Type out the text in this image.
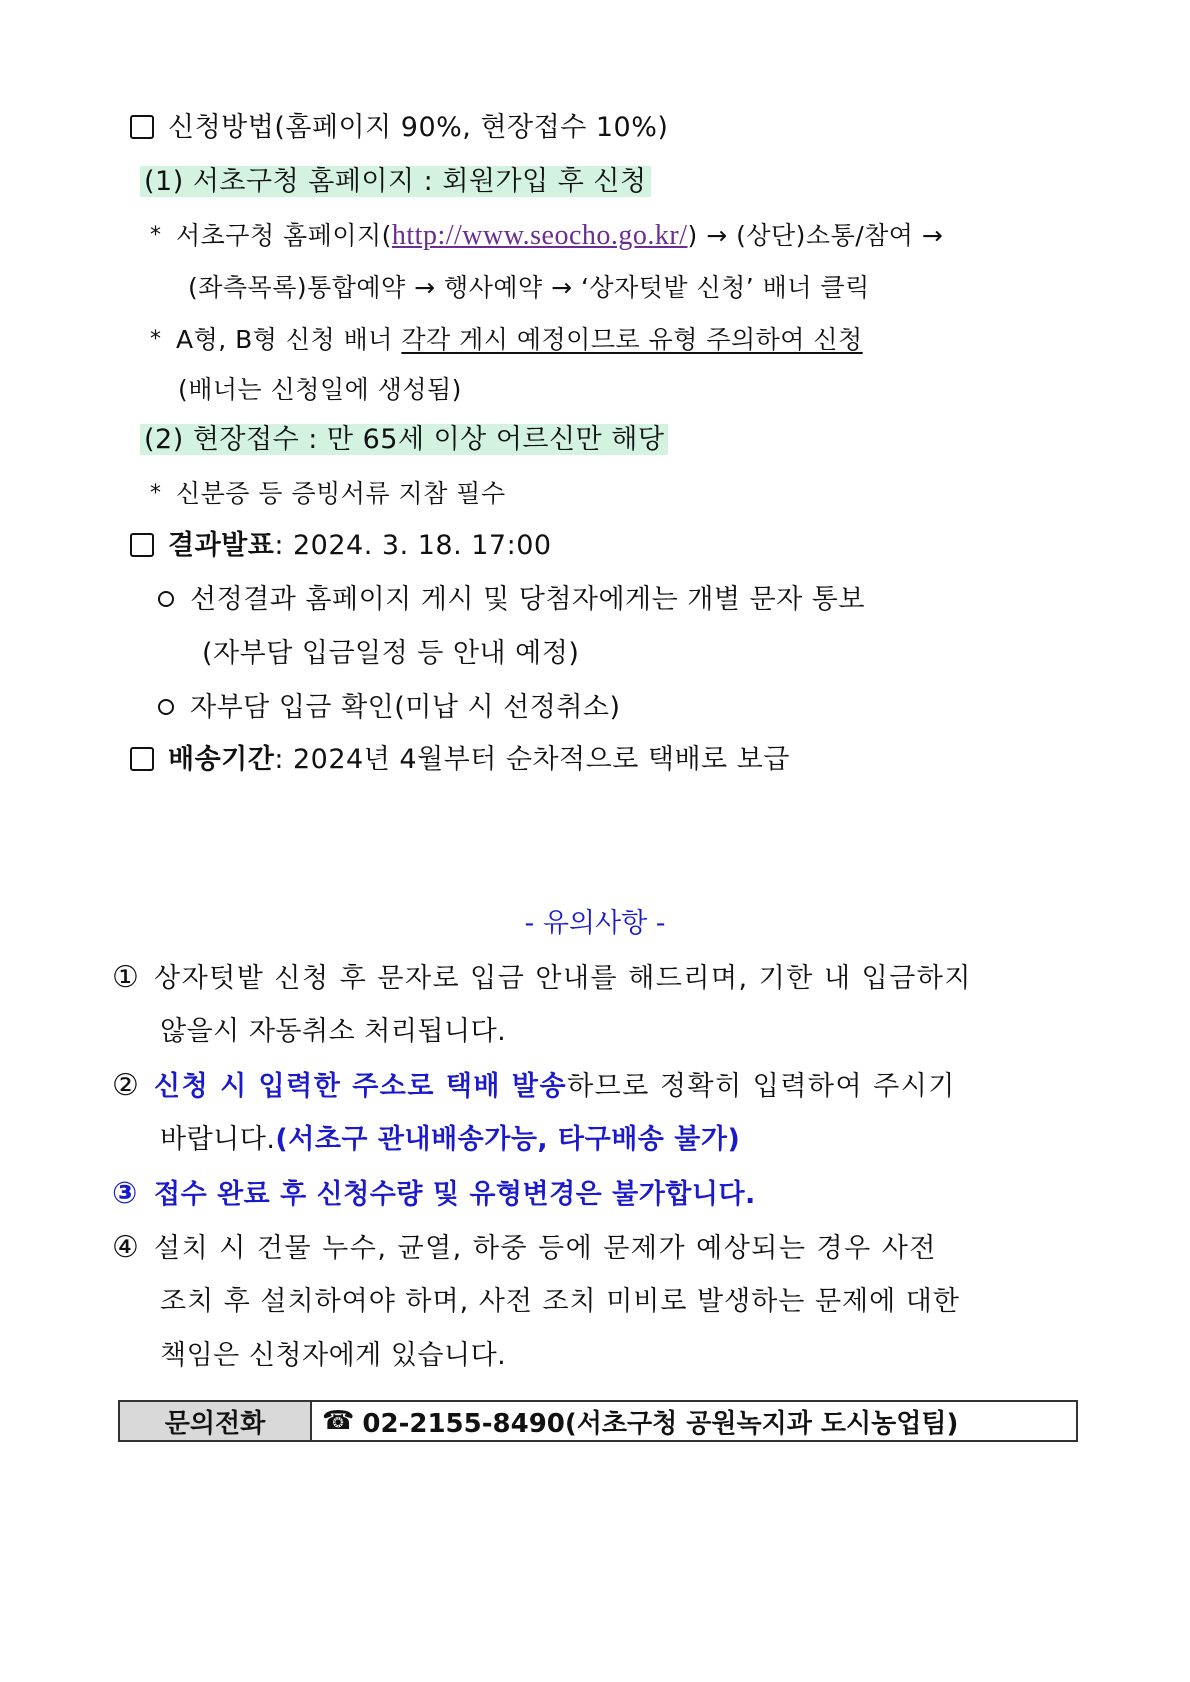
신청방법(홈페이지 90%, 현장접수 10%)
(1) 서초구청 홈페이지 : 회원가입 후 신청
* 서초구청 홈페이지(http://www.seocho.go.kr/) → (상단)소통/참여 →
(좌측목록)통합예약 → 행사예약 → ‘상자텃밭 신청’ 배너 클릭
* A형, B형 신청 배너 각각 게시 예정이므로 유형 주의하여 신청
(배너는 신청일에 생성됨)
(2) 현장접수 : 만 65세 이상 어르신만 해당
* 신분증 등 증빙서류 지참 필수
결과발표: 2024. 3. 18. 17:00
선정결과 홈페이지 게시 및 당첨자에게는 개별 문자 통보
(자부담 입금일정 등 안내 예정)
자부담 입금 확인(미납 시 선정취소)
배송기간: 2024년 4월부터 순차적으로 택배로 보급
- 유의사항 -
① 상자텃밭 신청 후 문자로 입금 안내를 해드리며, 기한 내 입금하지
않을시 자동취소 처리됩니다.
② 신청 시 입력한 주소로 택배 발송하므로 정확히 입력하여 주시기
바랍니다.(서초구 관내배송가능, 타구배송 불가)
③ 접수 완료 후 신청수량 및 유형변경은 불가합니다.
④ 설치 시 건물 누수, 균열, 하중 등에 문제가 예상되는 경우 사전
조치 후 설치하여야 하며, 사전 조치 미비로 발생하는 문제에 대한
책임은 신청자에게 있습니다.
문의전화	☎ 02-2155-8490(서초구청 공원녹지과 도시농업팀)
